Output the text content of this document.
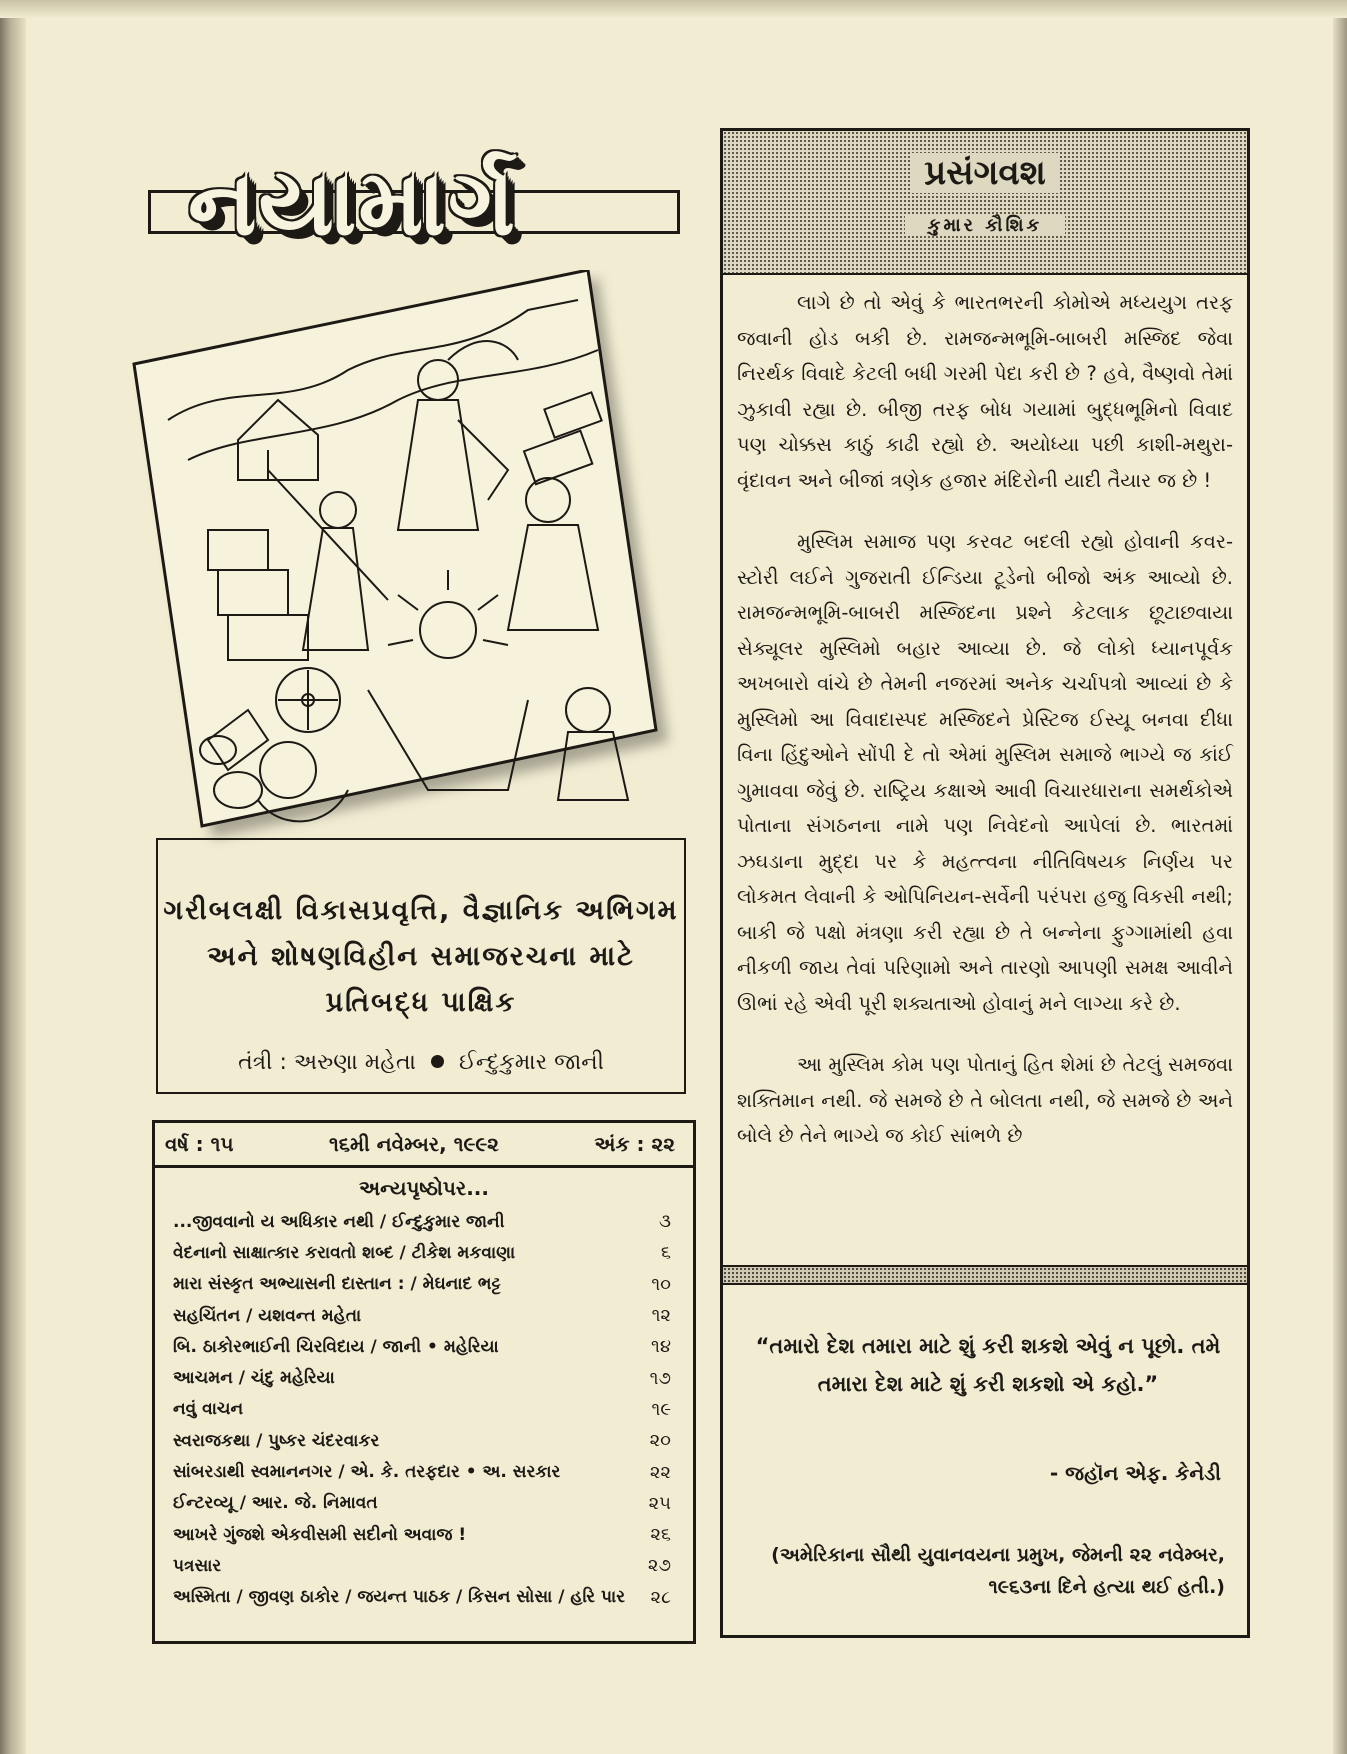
નયામાર્ગ
ગરીબલક્ષી વિકાસપ્રવૃત્તિ, વૈજ્ઞાનિક અભિગમ
અને શોષણવિહીન સમાજરચના માટે
પ્રતિબદ્ધ પાક્ષિક
તંત્રી : અરુણા મહેતા ઈન્દુકુમાર જાની
વર્ષ : ૧૫	૧૬મી નવેમ્બર, ૧૯૯૨	અંક : ૨૨
અન્યપૃષ્ઠોપર...
...જીવવાનો ય અધિકાર નથી / ઈન્દુકુમાર જાની	૩
વેદનાનો સાક્ષાત્કાર કરાવતો શબ્દ / ટીકેશ મકવાણા	૬
મારા સંસ્કૃત અભ્યાસની દાસ્તાન : / મેઘનાદ ભટ્ટ	૧૦
સહચિંતન / યશવન્ત મહેતા	૧૨
બિ. ઠાકોરભાઈની ચિરવિદાય / જાની • મહેરિયા	૧૪
આચમન / ચંદુ મહેરિયા	૧૭
નવું વાચન	૧૯
સ્વરાજકથા / પુષ્કર ચંદરવાકર	૨૦
સાંબરડાથી સ્વમાનનગર / એ. કે. તરફદાર • અ. સરકાર	૨૨
ઈન્ટરવ્યૂ / આર. જે. નિમાવત	૨૫
આખરે ગુંજશે એકવીસમી સદીનો અવાજ !	૨૬
પત્રસાર	૨૭
અસ્મિતા / જીવણ ઠાકોર / જયન્ત પાઠક / કિસન સોસા / હરિ પાર ૨૮
પ્રસંગવશ
કુમાર કૌશિક

લાગે છે તો એવું કે ભારતભરની કોમોએ મધ્યયુગ તરફ જવાની હોડ બકી છે. રામજન્મભૂમિ-બાબરી મસ્જિદ જેવા નિરર્થક વિવાદે કેટલી બધી ગરમી પેદા કરી છે ? હવે, વૈષ્ણવો તેમાં ઝુકાવી રહ્યા છે. બીજી તરફ બોધ ગયામાં બુદ્ધભૂમિનો વિવાદ પણ ચોક્કસ કાઠું કાઢી રહ્યો છે. અયોધ્યા પછી કાશી-મથુરા-વૃંદાવન અને બીજાં ત્રણેક હજાર મંદિરોની યાદી તૈયાર જ છે !

મુસ્લિમ સમાજ પણ કરવટ બદલી રહ્યો હોવાની કવર-સ્ટોરી લઈને ગુજરાતી ઈન્ડિયા ટૂડેનો બીજો અંક આવ્યો છે. રામજન્મભૂમિ-બાબરી મસ્જિદના પ્રશ્ને કેટલાક છૂટાછવાયા સેક્યૂલર મુસ્લિમો બહાર આવ્યા છે. જે લોકો ધ્યાનપૂર્વક અખબારો વાંચે છે તેમની નજરમાં અનેક ચર્ચાપત્રો આવ્યાં છે કે મુસ્લિમો આ વિવાદાસ્પદ મસ્જિદને પ્રેસ્ટિજ ઈસ્યૂ બનવા દીધા વિના હિંદુઓને સોંપી દે તો એમાં મુસ્લિમ સમાજે ભાગ્યે જ કાંઈ ગુમાવવા જેવું છે. રાષ્ટ્રિય કક્ષાએ આવી વિચારધારાના સમર્થકોએ પોતાના સંગઠનના નામે પણ નિવેદનો આપેલાં છે. ભારતમાં ઝઘડાના મુદ્દા પર કે મહત્ત્વના નીતિવિષયક નિર્ણય પર લોકમત લેવાની કે ઓપિનિયન-સર્વેની પરંપરા હજુ વિકસી નથી; બાકી જે પક્ષો મંત્રણા કરી રહ્યા છે તે બન્નેના ફુગ્ગામાંથી હવા નીકળી જાય તેવાં પરિણામો અને તારણો આપણી સમક્ષ આવીને ઊભાં રહે એવી પૂરી શક્યતાઓ હોવાનું મને લાગ્યા કરે છે.

આ મુસ્લિમ કોમ પણ પોતાનું હિત શેમાં છે તેટલું સમજવા શક્તિમાન નથી. જે સમજે છે તે બોલતા નથી, જે સમજે છે અને બોલે છે તેને ભાગ્યે જ કોઈ સાંભળે છે

“તમારો દેશ તમારા માટે શું કરી શકશે એવું ન પૂછો. તમે તમારા દેશ માટે શું કરી શકશો એ કહો.”
- જહૉન એફ. કેનેડી
(અમેરિકાના સૌથી યુવાનવયના પ્રમુખ, જેમની ૨૨ નવેમ્બર, ૧૯૬૩ના દિને હત્યા થઈ હતી.)
